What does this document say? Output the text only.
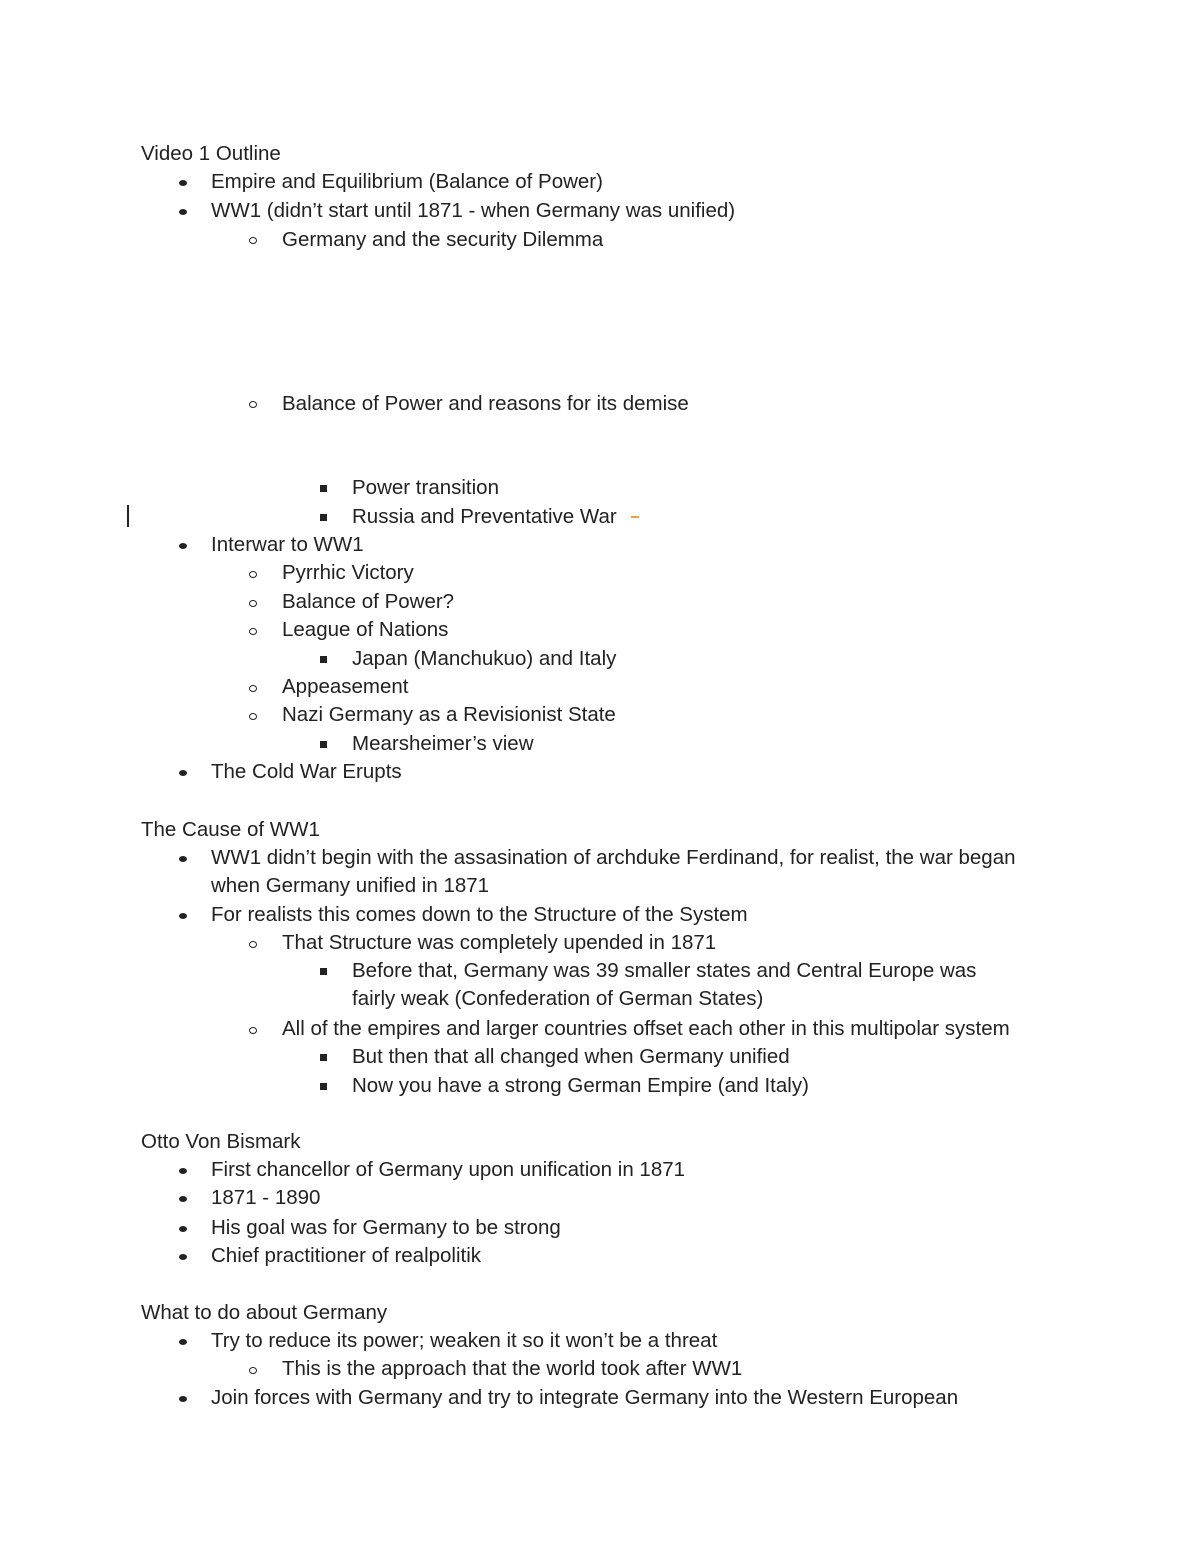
Video 1 Outline
Empire and Equilibrium (Balance of Power)
WW1 (didn’t start until 1871 - when Germany was unified)
Germany and the security Dilemma
Balance of Power and reasons for its demise
Power transition
Russia and Preventative War
Interwar to WW1
Pyrrhic Victory
Balance of Power?
League of Nations
Japan (Manchukuo) and Italy
Appeasement
Nazi Germany as a Revisionist State
Mearsheimer’s view
The Cold War Erupts
The Cause of WW1
WW1 didn’t begin with the assasination of archduke Ferdinand, for realist, the war began
when Germany unified in 1871
For realists this comes down to the Structure of the System
That Structure was completely upended in 1871
Before that, Germany was 39 smaller states and Central Europe was
fairly weak (Confederation of German States)
All of the empires and larger countries offset each other in this multipolar system
But then that all changed when Germany unified
Now you have a strong German Empire (and Italy)
Otto Von Bismark
First chancellor of Germany upon unification in 1871
1871 - 1890
His goal was for Germany to be strong
Chief practitioner of realpolitik
What to do about Germany
Try to reduce its power; weaken it so it won’t be a threat
This is the approach that the world took after WW1
Join forces with Germany and try to integrate Germany into the Western European
